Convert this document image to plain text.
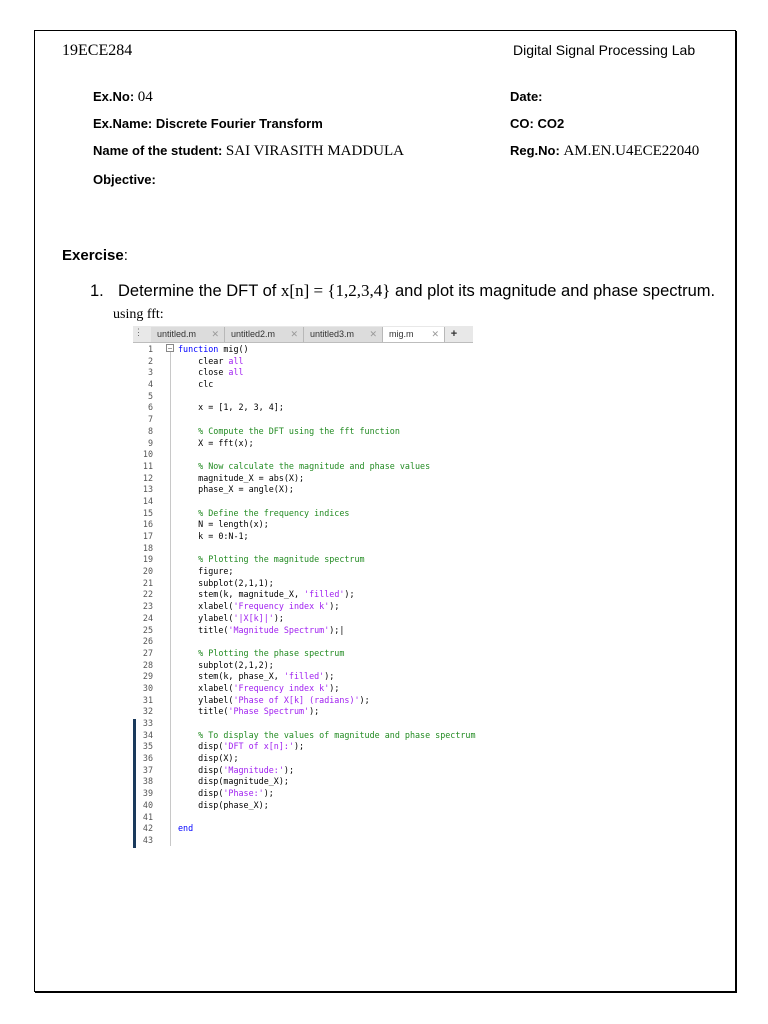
19ECE284	Digital Signal Processing Lab
Ex.No: 04	Date:
Ex.Name: Discrete Fourier Transform	CO: CO2
Name of the student: SAI VIRASITH MADDULA	Reg.No: AM.EN.U4ECE22040
Objective:
Exercise:
1. Determine the DFT of x[n] = {1,2,3,4} and plot its magnitude and phase spectrum.
using fft:
⋮	untitled.m ✕	untitled2.m ✕	untitled3.m ✕	mig.m ✕	+
−
1	function mig()
2	clear all
3	close all
4	clc
5
6	x = [1, 2, 3, 4];
7
8	% Compute the DFT using the fft function
9	X = fft(x);
10
11	% Now calculate the magnitude and phase values
12	magnitude_X = abs(X);
13	phase_X = angle(X);
14
15	% Define the frequency indices
16	N = length(x);
17	k = 0:N-1;
18
19	% Plotting the magnitude spectrum
20	figure;
21	subplot(2,1,1);
22	stem(k, magnitude_X, 'filled');
23	xlabel('Frequency index k');
24	ylabel('|X[k]|');
25	title('Magnitude Spectrum');|
26
27	% Plotting the phase spectrum
28	subplot(2,1,2);
29	stem(k, phase_X, 'filled');
30	xlabel('Frequency index k');
31	ylabel('Phase of X[k] (radians)');
32	title('Phase Spectrum');
33
34	% To display the values of magnitude and phase spectrum
35	disp('DFT of x[n]:');
36	disp(X);
37	disp('Magnitude:');
38	disp(magnitude_X);
39	disp('Phase:');
40	disp(phase_X);
41
42	end
43
